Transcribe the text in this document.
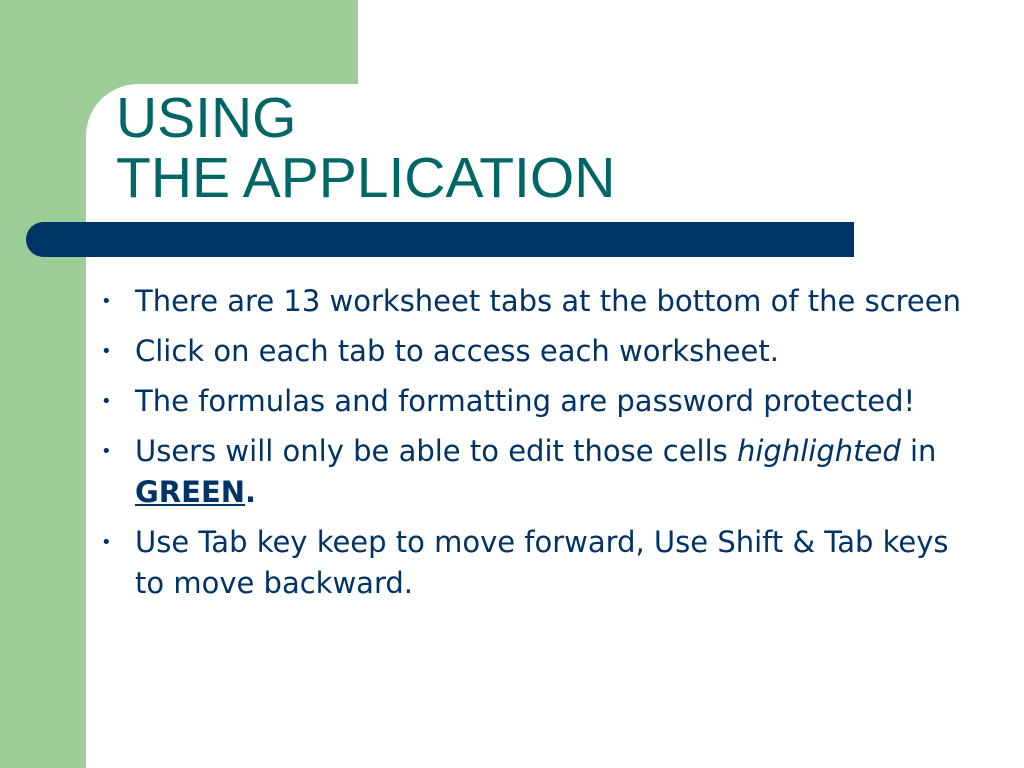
USING
THE APPLICATION
• There are 13 worksheet tabs at the bottom of the screen
• Click on each tab to access each worksheet.
• The formulas and formatting are password protected!
• Users will only be able to edit those cells highlighted in GREEN.
• Use Tab key keep to move forward, Use Shift & Tab keys to move backward.
